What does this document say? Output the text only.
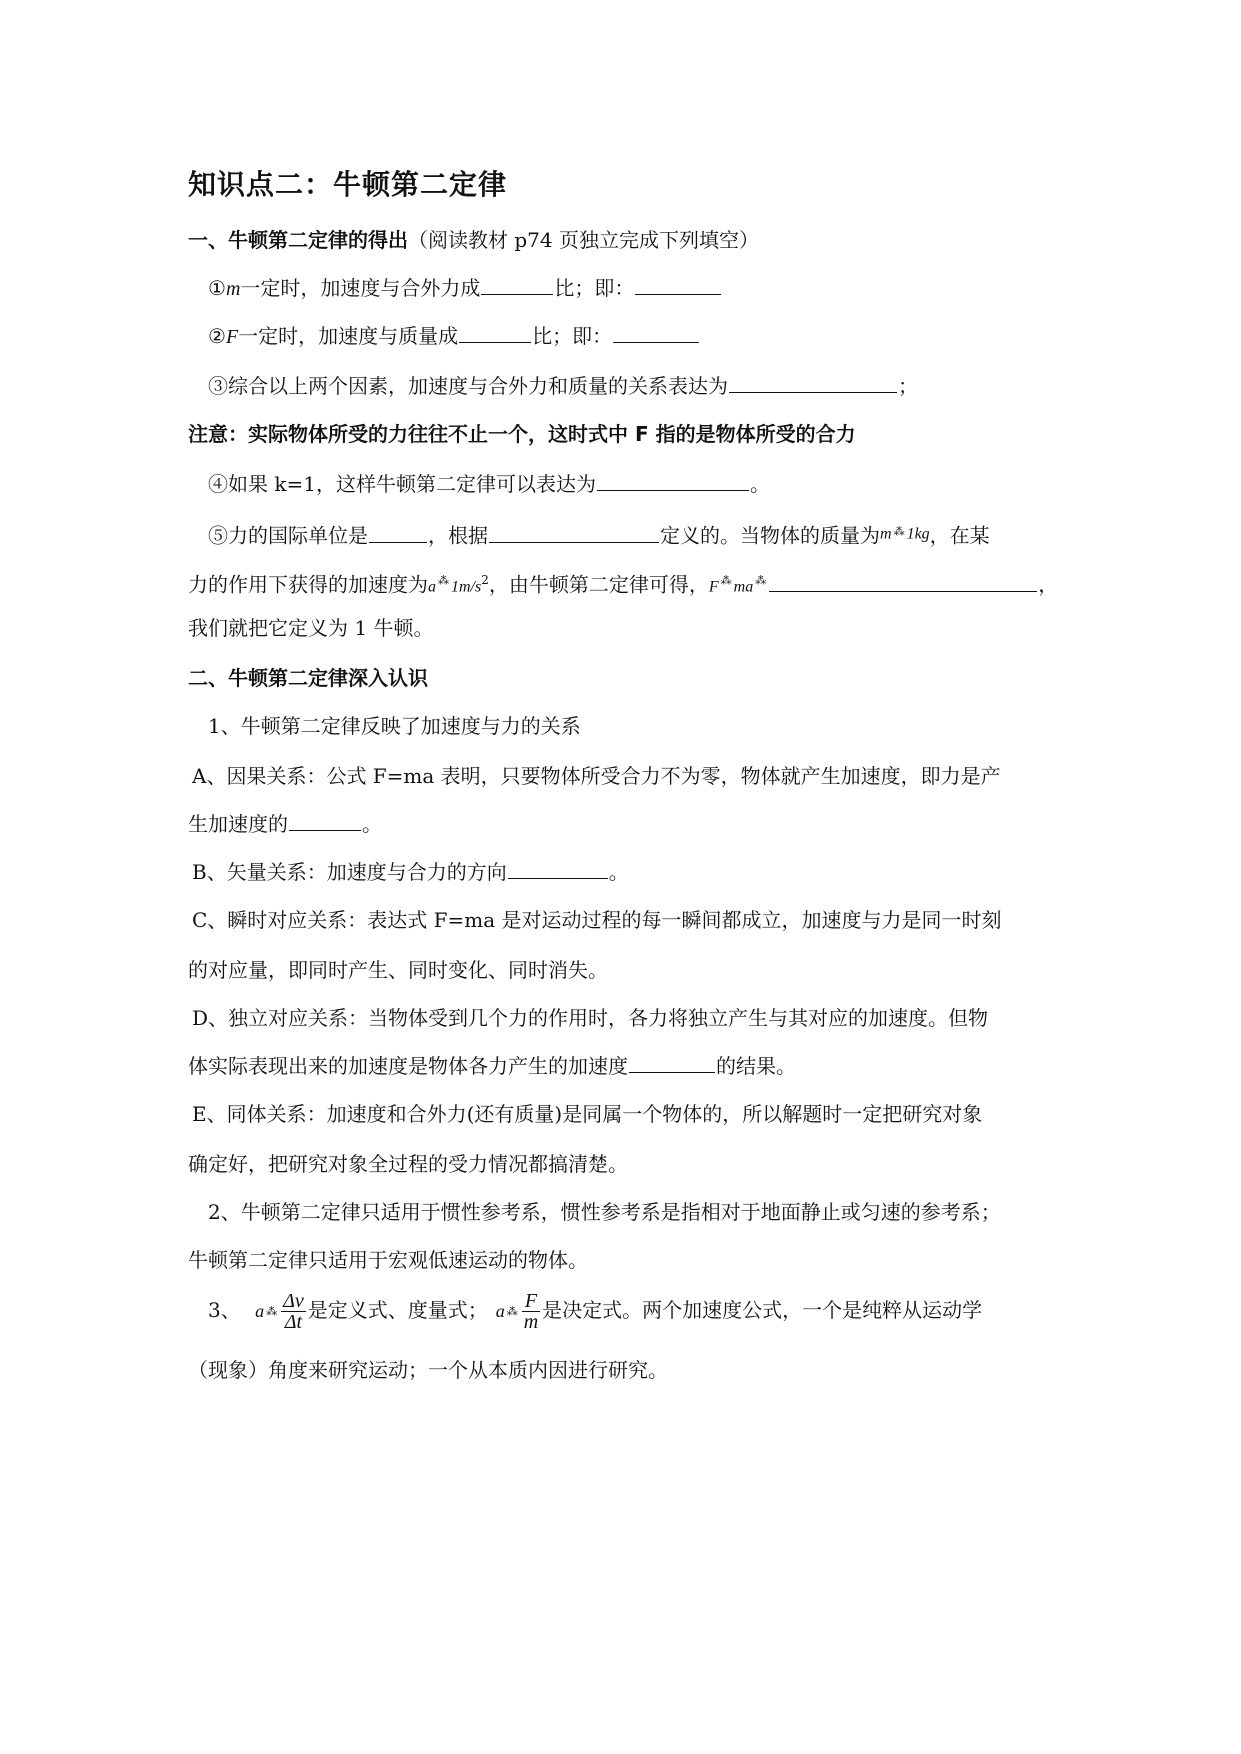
知识点二：牛顿第二定律
一、牛顿第二定律的得出（阅读教材 p74 页独立完成下列填空）
①m一定时，加速度与合外力成	比；即：
②F一定时，加速度与质量成	比；即：
③综合以上两个因素，加速度与合外力和质量的关系表达为	；
注意：实际物体所受的力往往不止一个，这时式中 F 指的是物体所受的合力
④如果 k=1，这样牛顿第二定律可以表达为	。
⑤力的国际单位是	，根据	定义的。当物体的质量为$^m$ ⁂ $^{1kg}$，在某
力的作用下获得的加速度为a ⁂ $1m/s^2$，由牛顿第二定律可得，F ⁂ ma ⁂	，
我们就把它定义为 1 牛顿。
二、牛顿第二定律深入认识
1、牛顿第二定律反映了加速度与力的关系
A、因果关系：公式 F=ma 表明，只要物体所受合力不为零，物体就产生加速度，即力是产
生加速度的	。
B、矢量关系：加速度与合力的方向	。
C、瞬时对应关系：表达式 F=ma 是对运动过程的每一瞬间都成立，加速度与力是同一时刻
的对应量，即同时产生、同时变化、同时消失。
D、独立对应关系：当物体受到几个力的作用时，各力将独立产生与其对应的加速度。但物
体实际表现出来的加速度是物体各力产生的加速度	的结果。
E、同体关系：加速度和合外力(还有质量)是同属一个物体的，所以解题时一定把研究对象
确定好，把研究对象全过程的受力情况都搞清楚。
2、牛顿第二定律只适用于惯性参考系，惯性参考系是指相对于地面静止或匀速的参考系；
牛顿第二定律只适用于宏观低速运动的物体。
3、 a ⁂ $\frac{\Delta v}{\Delta t}$ 是定义式、度量式； a ⁂ $\frac{F}{m}$ 是决定式。两个加速度公式，一个是纯粹从运动学
（现象）角度来研究运动；一个从本质内因进行研究。
